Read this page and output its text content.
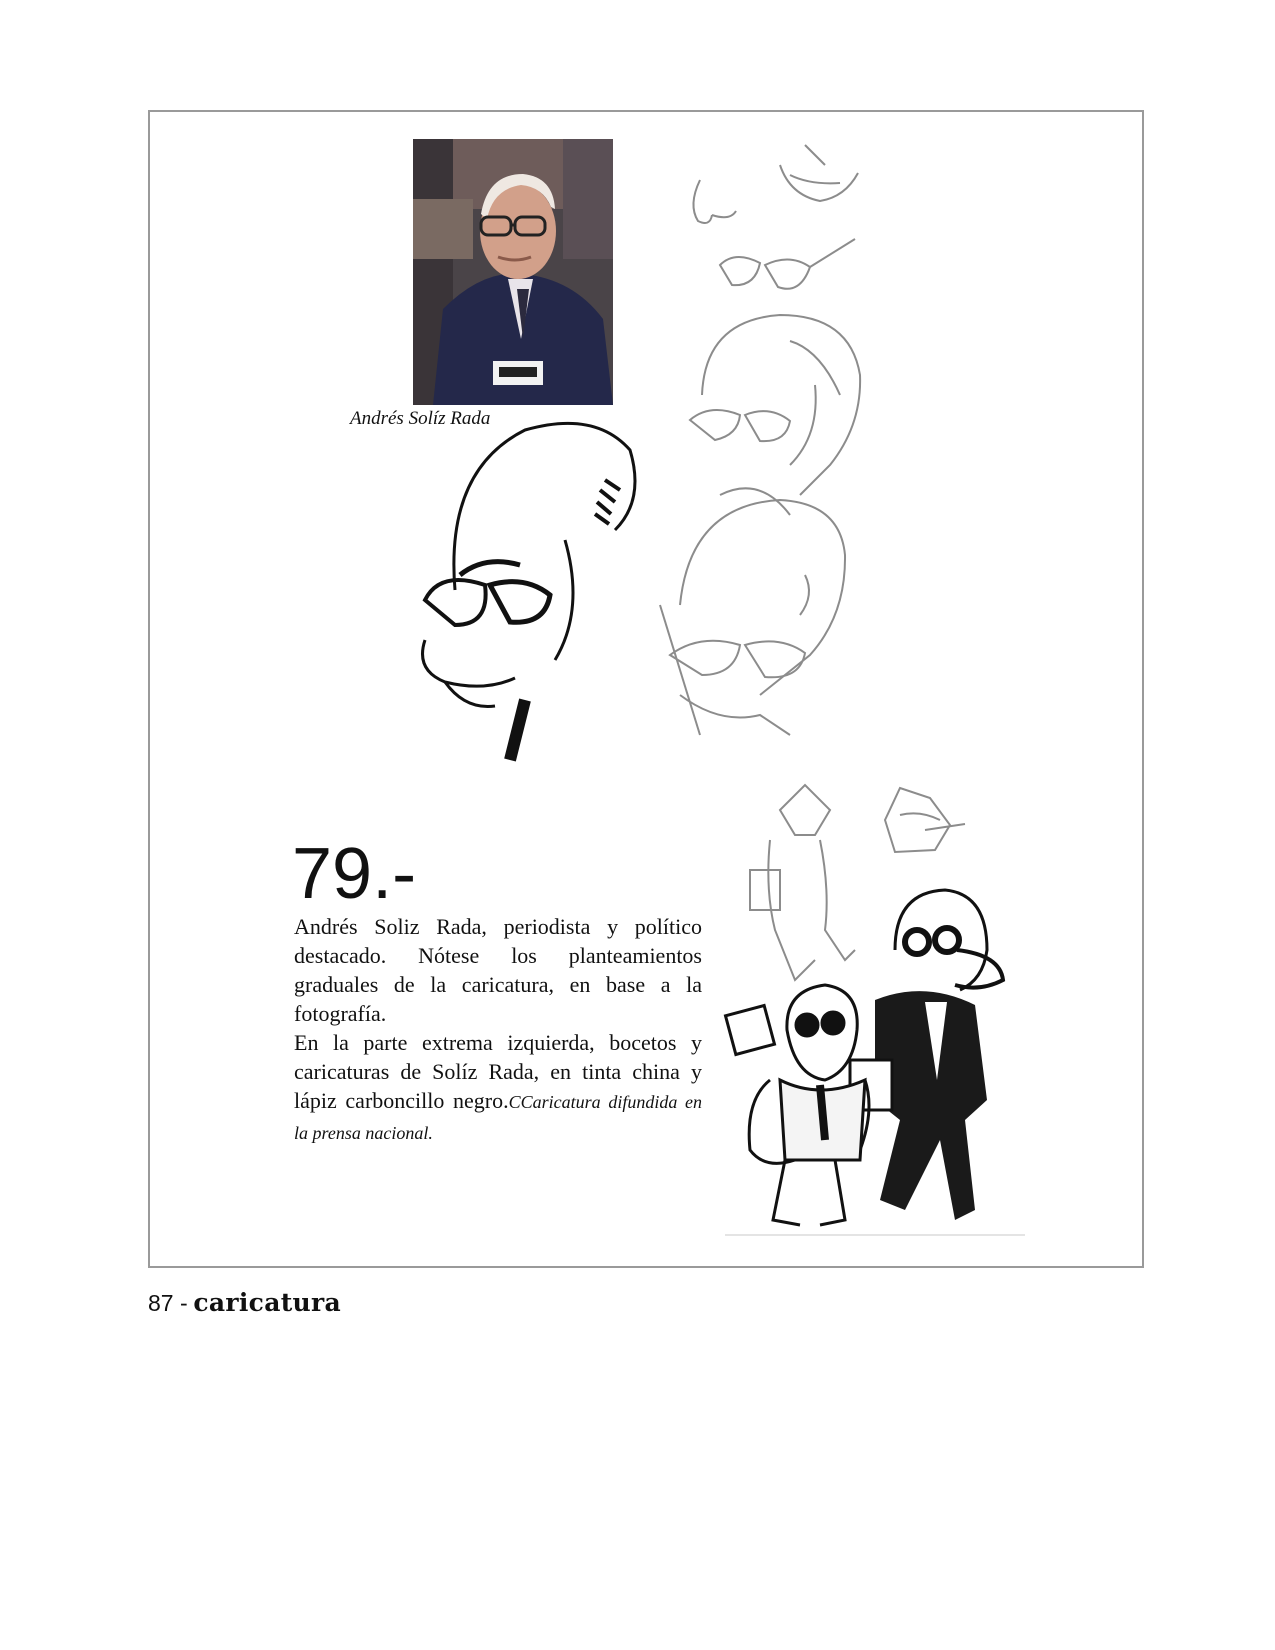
Andrés Solíz Rada
79.-

Andrés Soliz Rada, periodista y político destacado. Nótese los planteamientos graduales de la caricatura, en base a la fotografía.

En la parte extrema izquierda, bocetos y caricaturas de Solíz Rada, en tinta china y lápiz carboncillo negro.CCaricatura difundida en la prensa nacional.

87 - caricatura
